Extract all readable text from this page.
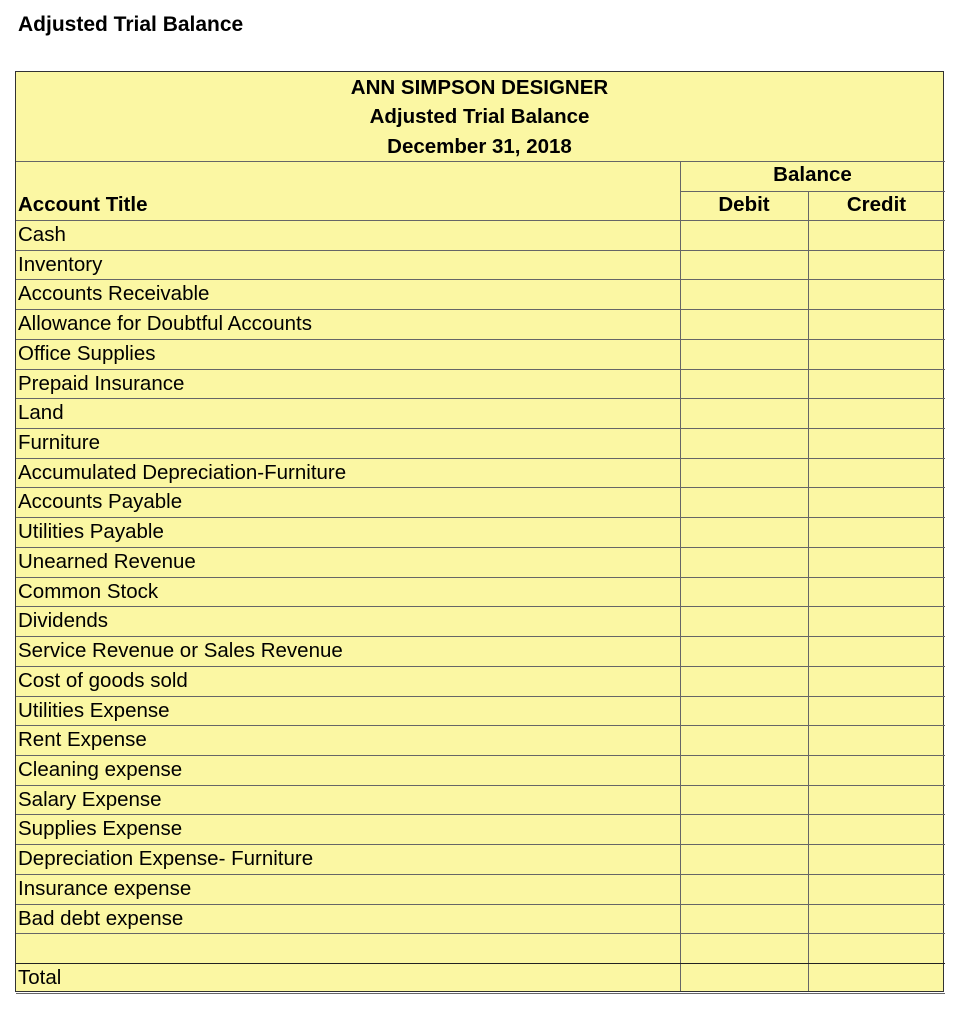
Adjusted Trial Balance
ANN SIMPSON DESIGNER
Adjusted Trial Balance
December 31, 2018
Balance
Account Title	Debit	Credit
Cash
Inventory
Accounts Receivable
Allowance for Doubtful Accounts
Office Supplies
Prepaid Insurance
Land
Furniture
Accumulated Depreciation-Furniture
Accounts Payable
Utilities Payable
Unearned Revenue
Common Stock
Dividends
Service Revenue or Sales Revenue
Cost of goods sold
Utilities Expense
Rent Expense
Cleaning expense
Salary Expense
Supplies Expense
Depreciation Expense- Furniture
Insurance expense
Bad debt expense
Total
